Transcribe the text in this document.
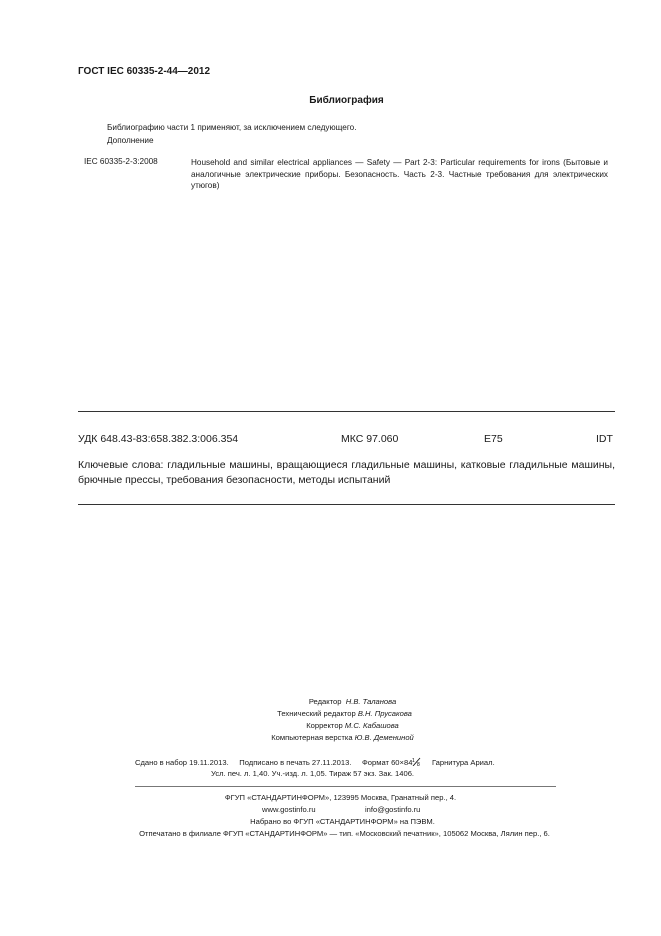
ГОСТ IEC 60335-2-44—2012
Библиография
Библиографию части 1 применяют, за исключением следующего.
Дополнение
IEC 60335-2-3:2008	Household and similar electrical appliances — Safety — Part 2-3: Particular requirements for irons (Бытовые и аналогичные электрические приборы. Безопасность. Часть 2-3. Частные требования для электрических утюгов)
УДК 648.43-83:658.382.3:006.354	МКС 97.060	Е75	IDT
Ключевые слова: гладильные машины, вращающиеся гладильные машины, катковые гладильные машины, брючные прессы, требования безопасности, методы испытаний
Редактор Н.В. Таланова
Технический редактор В.Н. Прусакова
Корректор М.С. Кабашова
Компьютерная верстка Ю.В. Демениной
Сдано в набор 19.11.2013. Подписано в печать 27.11.2013. Формат 60×84 1
8 Гарнитура Ариал.
Усл. печ. л. 1,40. Уч.-изд. л. 1,05. Тираж 57 экз. Зак. 1406.
ФГУП «СТАНДАРТИНФОРМ», 123995 Москва, Гранатный пер., 4.
www.gostinfo.ru	info@gostinfo.ru
Набрано во ФГУП «СТАНДАРТИНФОРМ» на ПЭВМ.
Отпечатано в филиале ФГУП «СТАНДАРТИНФОРМ» — тип. «Московский печатник», 105062 Москва, Лялин пер., 6.
